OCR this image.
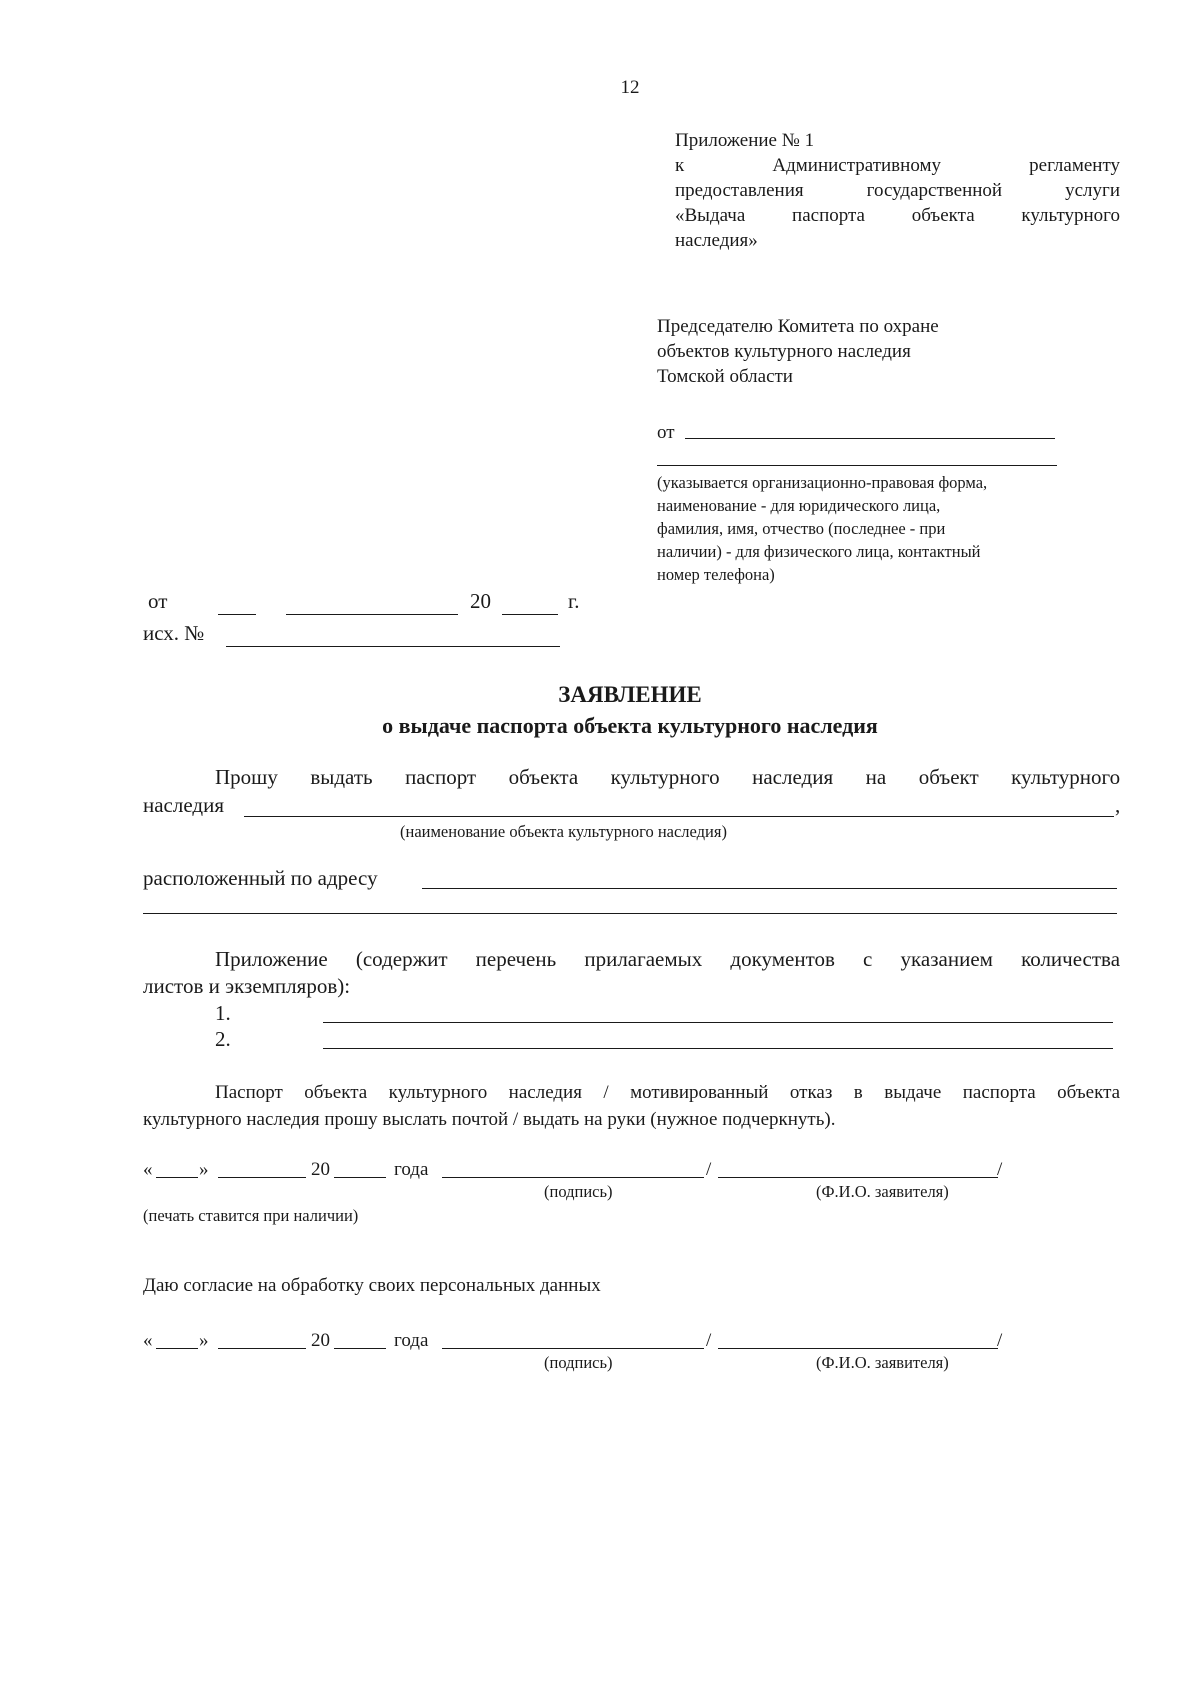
12
Приложение № 1
к	Административному	регламенту
предоставления	государственной	услуги
«Выдача паспорта объекта культурного
наследия»
Председателю Комитета по охране
объектов культурного наследия
Томской области
от
(указывается организационно-правовая форма,
наименование - для юридического лица,
фамилия, имя, отчество (последнее - при
наличии) - для физического лица, контактный
номер телефона)
от	20	г.
исх. №
ЗАЯВЛЕНИЕ
о выдаче паспорта объекта культурного наследия
Прошу выдать паспорт объекта культурного наследия на объект культурного
наследия	,
(наименование объекта культурного наследия)
расположенный по адресу
Приложение (содержит перечень прилагаемых документов с указанием количества
листов и экземпляров):
1.
2.
Паспорт объекта культурного наследия / мотивированный отказ в выдаче паспорта объекта
культурного наследия прошу выслать почтой / выдать на руки (нужное подчеркнуть).
« »	20	года	/	/
(подпись)	(Ф.И.О. заявителя)
(печать ставится при наличии)
Даю согласие на обработку своих персональных данных
« »	20	года	/	/
(подпись)	(Ф.И.О. заявителя)
